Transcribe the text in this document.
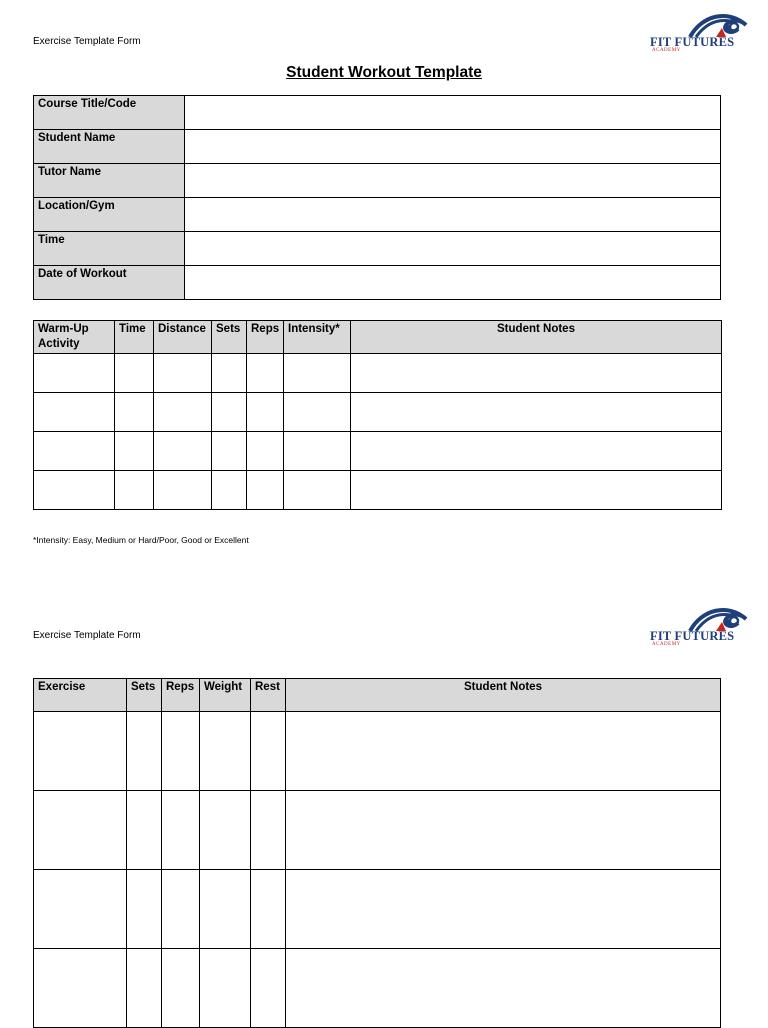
Exercise Template Form	FIT FUTURES
ACADEMY
Student Workout Template
Course Title/Code	
Student Name	
Tutor Name	
Location/Gym	
Time	
Date of Workout	
Warm-Up Activity	Time	Distance	Sets	Reps	Intensity*	Student Notes

*Intensity: Easy, Medium or Hard/Poor, Good or Excellent
Exercise Template Form	FIT FUTURES
ACADEMY
Exercise	Sets	Reps	Weight	Rest	Student Notes
